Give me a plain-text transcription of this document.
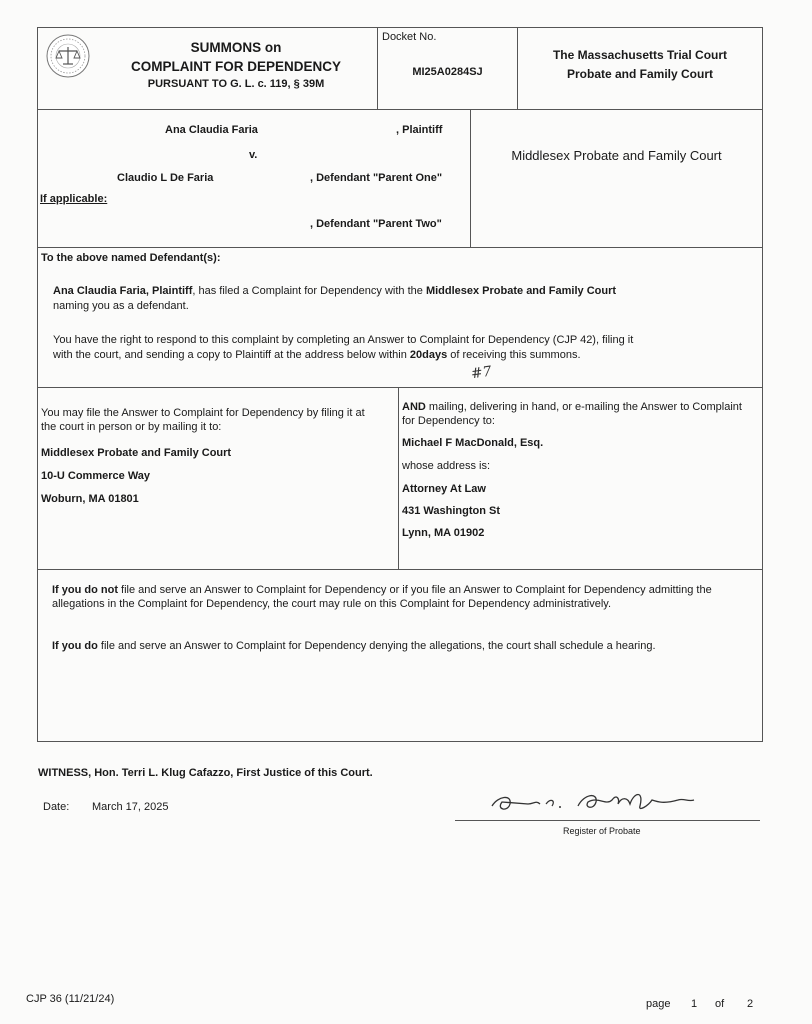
SUMMONS on
COMPLAINT FOR DEPENDENCY
PURSUANT TO G. L. c. 119, § 39M
Docket No.
MI25A0284SJ
The Massachusetts Trial Court
Probate and Family Court
Ana Claudia Faria	, Plaintiff
v.
Claudio L De Faria	, Defendant "Parent One"
If applicable:
, Defendant "Parent Two"
Middlesex Probate and Family Court
To the above named Defendant(s):
Ana Claudia Faria, Plaintiff, has filed a Complaint for Dependency with the Middlesex Probate and Family Court
naming you as a defendant.
You have the right to respond to this complaint by completing an Answer to Complaint for Dependency (CJP 42), filing it
with the court, and sending a copy to Plaintiff at the address below within 20days of receiving this summons.
#7
You may file the Answer to Complaint for Dependency by filing it at the court in person or by mailing it to:
Middlesex Probate and Family Court
10-U Commerce Way
Woburn, MA 01801
AND mailing, delivering in hand, or e-mailing the Answer to Complaint for Dependency to:
Michael F MacDonald, Esq.
whose address is:
Attorney At Law
431 Washington St
Lynn, MA 01902
If you do not file and serve an Answer to Complaint for Dependency or if you file an Answer to Complaint for Dependency admitting the allegations in the Complaint for Dependency, the court may rule on this Complaint for Dependency administratively.
If you do file and serve an Answer to Complaint for Dependency denying the allegations, the court shall schedule a hearing.
WITNESS, Hon. Terri L. Klug Cafazzo, First Justice of this Court.
Date: March 17, 2025
Register of Probate
CJP 36 (11/21/24)	page 1 of 2
